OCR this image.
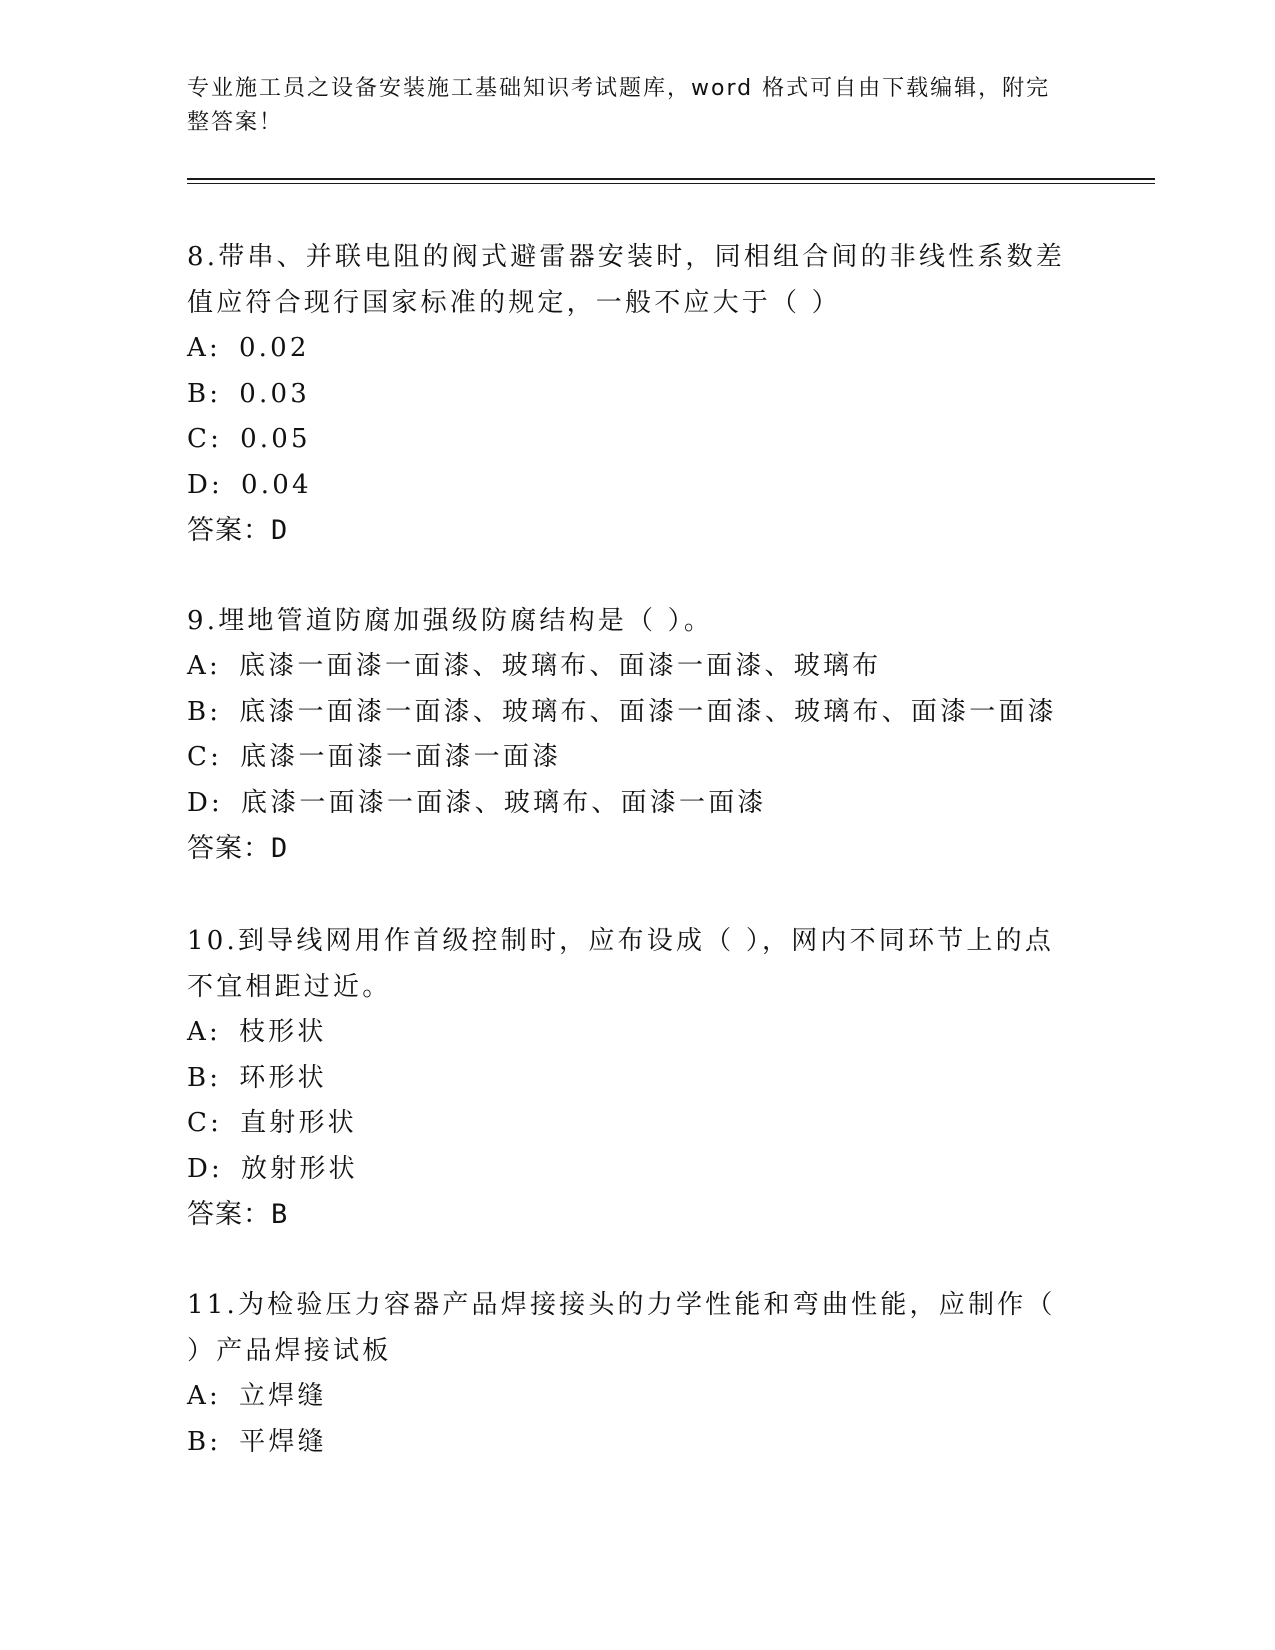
专业施工员之设备安装施工基础知识考试题库，word 格式可自由下载编辑，附完整答案！

8.带串、并联电阻的阀式避雷器安装时，同相组合间的非线性系数差值应符合现行国家标准的规定，一般不应大于（ ）

A: 0.02
B: 0.03
C: 0.05
D: 0.04
答案：D

9.埋地管道防腐加强级防腐结构是（ ）。

A: 底漆一面漆一面漆、玻璃布、面漆一面漆、玻璃布
B: 底漆一面漆一面漆、玻璃布、面漆一面漆、玻璃布、面漆一面漆
C: 底漆一面漆一面漆一面漆
D: 底漆一面漆一面漆、玻璃布、面漆一面漆
答案：D

10.到导线网用作首级控制时，应布设成（ ），网内不同环节上的点不宜相距过近。

A: 枝形状
B: 环形状
C: 直射形状
D: 放射形状
答案：B

11.为检验压力容器产品焊接接头的力学性能和弯曲性能，应制作（ ）产品焊接试板

A: 立焊缝
B: 平焊缝
